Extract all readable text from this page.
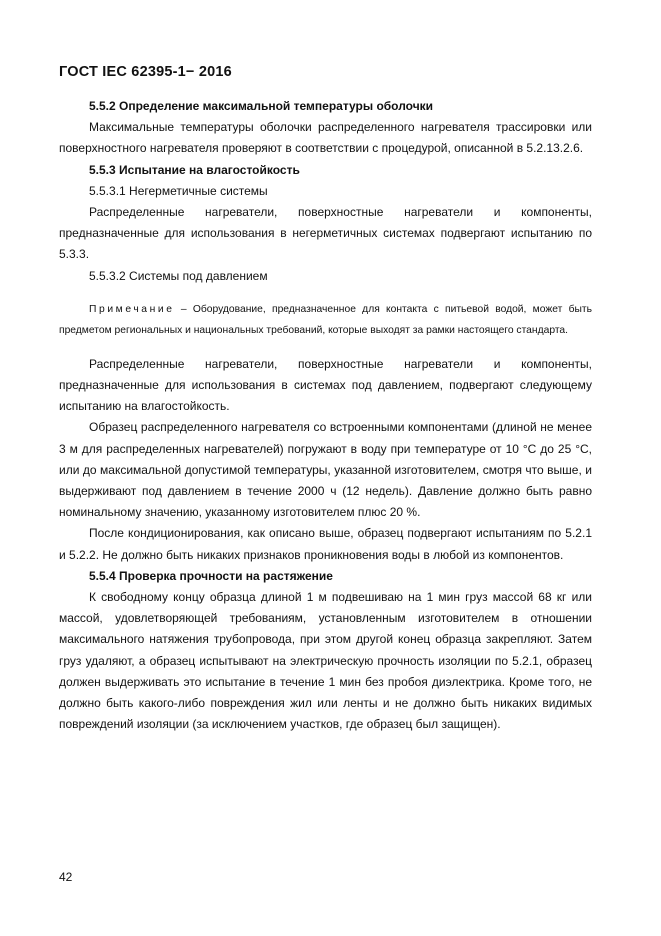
ГОСТ IEC 62395-1− 2016

5.5.2 Определение максимальной температуры оболочки

Максимальные температуры оболочки распределенного нагревателя трассировки или поверхностного нагревателя проверяют в соответствии с процедурой, описанной в 5.2.13.2.6.

5.5.3 Испытание на влагостойкость

5.5.3.1 Негерметичные системы

Распределенные нагреватели, поверхностные нагреватели и компоненты, предназначенные для использования в негерметичных системах подвергают испытанию по 5.3.3.

5.5.3.2 Системы под давлением

Примечание – Оборудование, предназначенное для контакта с питьевой водой, может быть предметом региональных и национальных требований, которые выходят за рамки настоящего стандарта.

Распределенные нагреватели, поверхностные нагреватели и компоненты, предназначенные для использования в системах под давлением, подвергают следующему испытанию на влагостойкость.

Образец распределенного нагревателя со встроенными компонентами (длиной не менее 3 м для распределенных нагревателей) погружают в воду при температуре от 10 °С до 25 °С, или до максимальной допустимой температуры, указанной изготовителем, смотря что выше, и выдерживают под давлением в течение 2000 ч (12 недель). Давление должно быть равно номинальному значению, указанному изготовителем плюс 20 %.

После кондиционирования, как описано выше, образец подвергают испытаниям по 5.2.1 и 5.2.2. Не должно быть никаких признаков проникновения воды в любой из компонентов.

5.5.4 Проверка прочности на растяжение

К свободному концу образца длиной 1 м подвешиваю на 1 мин груз массой 68 кг или массой, удовлетворяющей требованиям, установленным изготовителем в отношении максимального натяжения трубопровода, при этом другой конец образца закрепляют. Затем груз удаляют, а образец испытывают на электрическую прочность изоляции по 5.2.1, образец должен выдерживать это испытание в течение 1 мин без пробоя диэлектрика. Кроме того, не должно быть какого-либо повреждения жил или ленты и не должно быть никаких видимых повреждений изоляции (за исключением участков, где образец был защищен).

42
